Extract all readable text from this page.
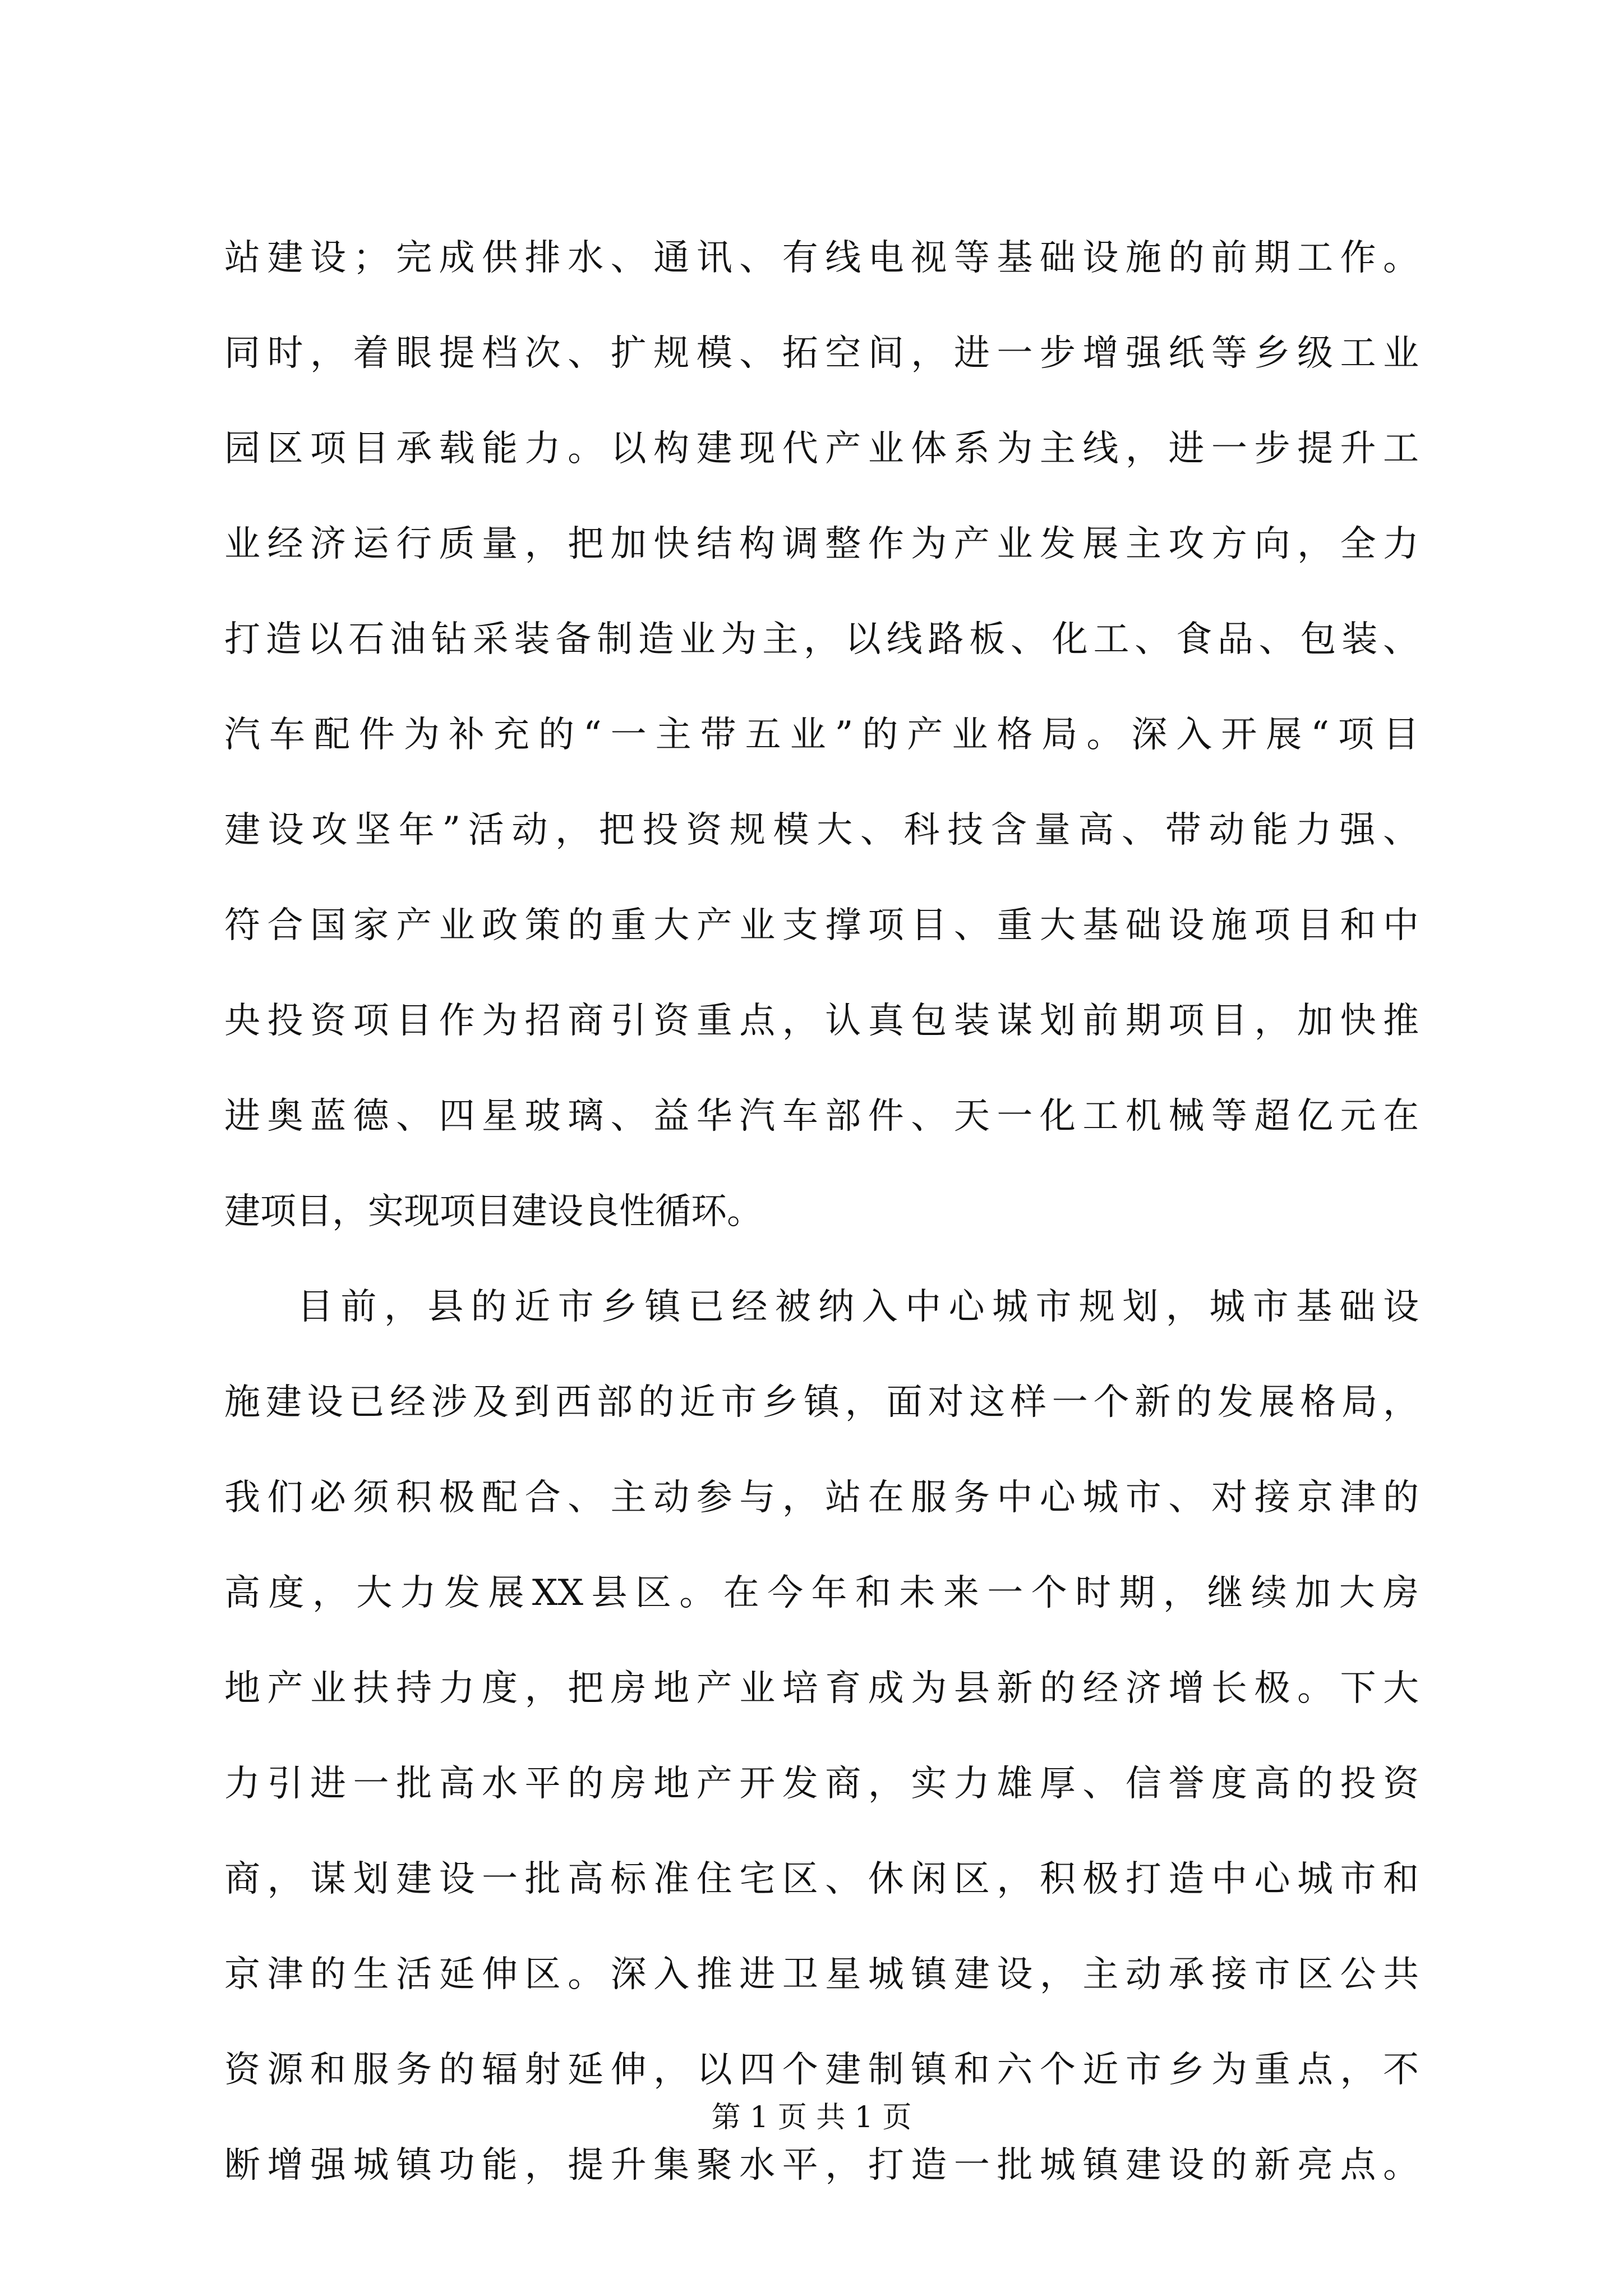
站建设；完成供排水、通讯、有线电视等基础设施的前期工作。
同时，着眼提档次、扩规模、拓空间，进一步增强纸等乡级工业
园区项目承载能力。以构建现代产业体系为主线，进一步提升工
业经济运行质量，把加快结构调整作为产业发展主攻方向，全力
打造以石油钻采装备制造业为主，以线路板、化工、食品、包装、
汽车配件为补充的“一主带五业”的产业格局。深入开展“项目
建设攻坚年”活动，把投资规模大、科技含量高、带动能力强、
符合国家产业政策的重大产业支撑项目、重大基础设施项目和中
央投资项目作为招商引资重点，认真包装谋划前期项目，加快推
进奥蓝德、四星玻璃、益华汽车部件、天一化工机械等超亿元在
建项目，实现项目建设良性循环。
目前，县的近市乡镇已经被纳入中心城市规划，城市基础设
施建设已经涉及到西部的近市乡镇，面对这样一个新的发展格局，
我们必须积极配合、主动参与，站在服务中心城市、对接京津的
高度，大力发展XX县区。在今年和未来一个时期，继续加大房
地产业扶持力度，把房地产业培育成为县新的经济增长极。下大
力引进一批高水平的房地产开发商，实力雄厚、信誉度高的投资
商，谋划建设一批高标准住宅区、休闲区，积极打造中心城市和
京津的生活延伸区。深入推进卫星城镇建设，主动承接市区公共
资源和服务的辐射延伸，以四个建制镇和六个近市乡为重点，不
断增强城镇功能，提升集聚水平，打造一批城镇建设的新亮点。
第 1 页 共 1 页
